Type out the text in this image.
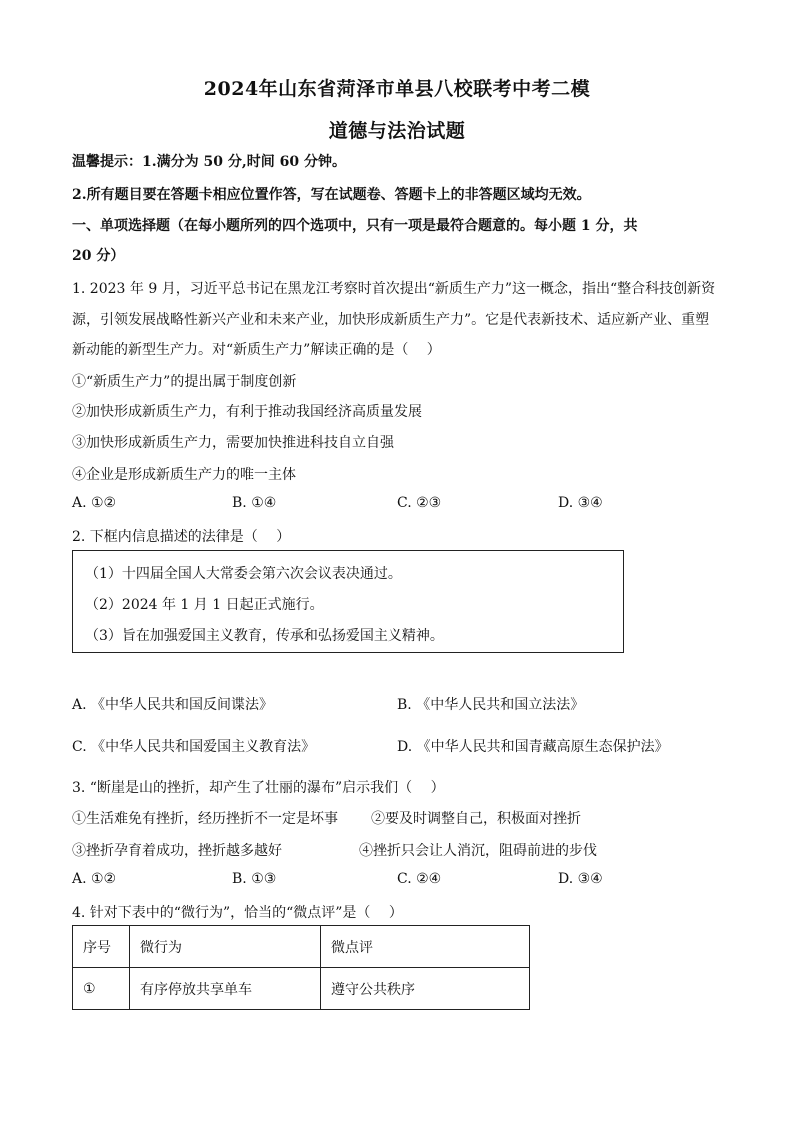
2024年山东省菏泽市单县八校联考中考二模
道德与法治试题
温馨提示：1.满分为 50 分,时间 60 分钟。
2.所有题目要在答题卡相应位置作答，写在试题卷、答题卡上的非答题区域均无效。
一、单项选择题（在每小题所列的四个选项中，只有一项是最符合题意的。每小题 1 分，共
20 分）
1. 2023 年 9 月，习近平总书记在黑龙江考察时首次提出“新质生产力”这一概念，指出“整合科技创新资
源，引领发展战略性新兴产业和未来产业，加快形成新质生产力”。它是代表新技术、适应新产业、重塑
新动能的新型生产力。对“新质生产力”解读正确的是（　 ）
①“新质生产力”的提出属于制度创新
②加快形成新质生产力，有利于推动我国经济高质量发展
③加快形成新质生产力，需要加快推进科技自立自强
④企业是形成新质生产力的唯一主体
A. ①②	B. ①④	C. ②③	D. ③④
2. 下框内信息描述的法律是（　 ）
（1）十四届全国人大常委会第六次会议表决通过。
（2）2024 年 1 月 1 日起正式施行。
（3）旨在加强爱国主义教育，传承和弘扬爱国主义精神。
A. 《中华人民共和国反间谍法》	B. 《中华人民共和国立法法》
C. 《中华人民共和国爱国主义教育法》	D. 《中华人民共和国青藏高原生态保护法》
3. “断崖是山的挫折，却产生了壮丽的瀑布”启示我们（　 ）
①生活难免有挫折，经历挫折不一定是坏事 ②要及时调整自己，积极面对挫折
③挫折孕育着成功，挫折越多越好	④挫折只会让人消沉，阻碍前进的步伐
A. ①②	B. ①③	C. ②④	D. ③④
4. 针对下表中的“微行为”，恰当的“微点评”是（　 ）
序号	微行为	微点评
①	有序停放共享单车	遵守公共秩序
